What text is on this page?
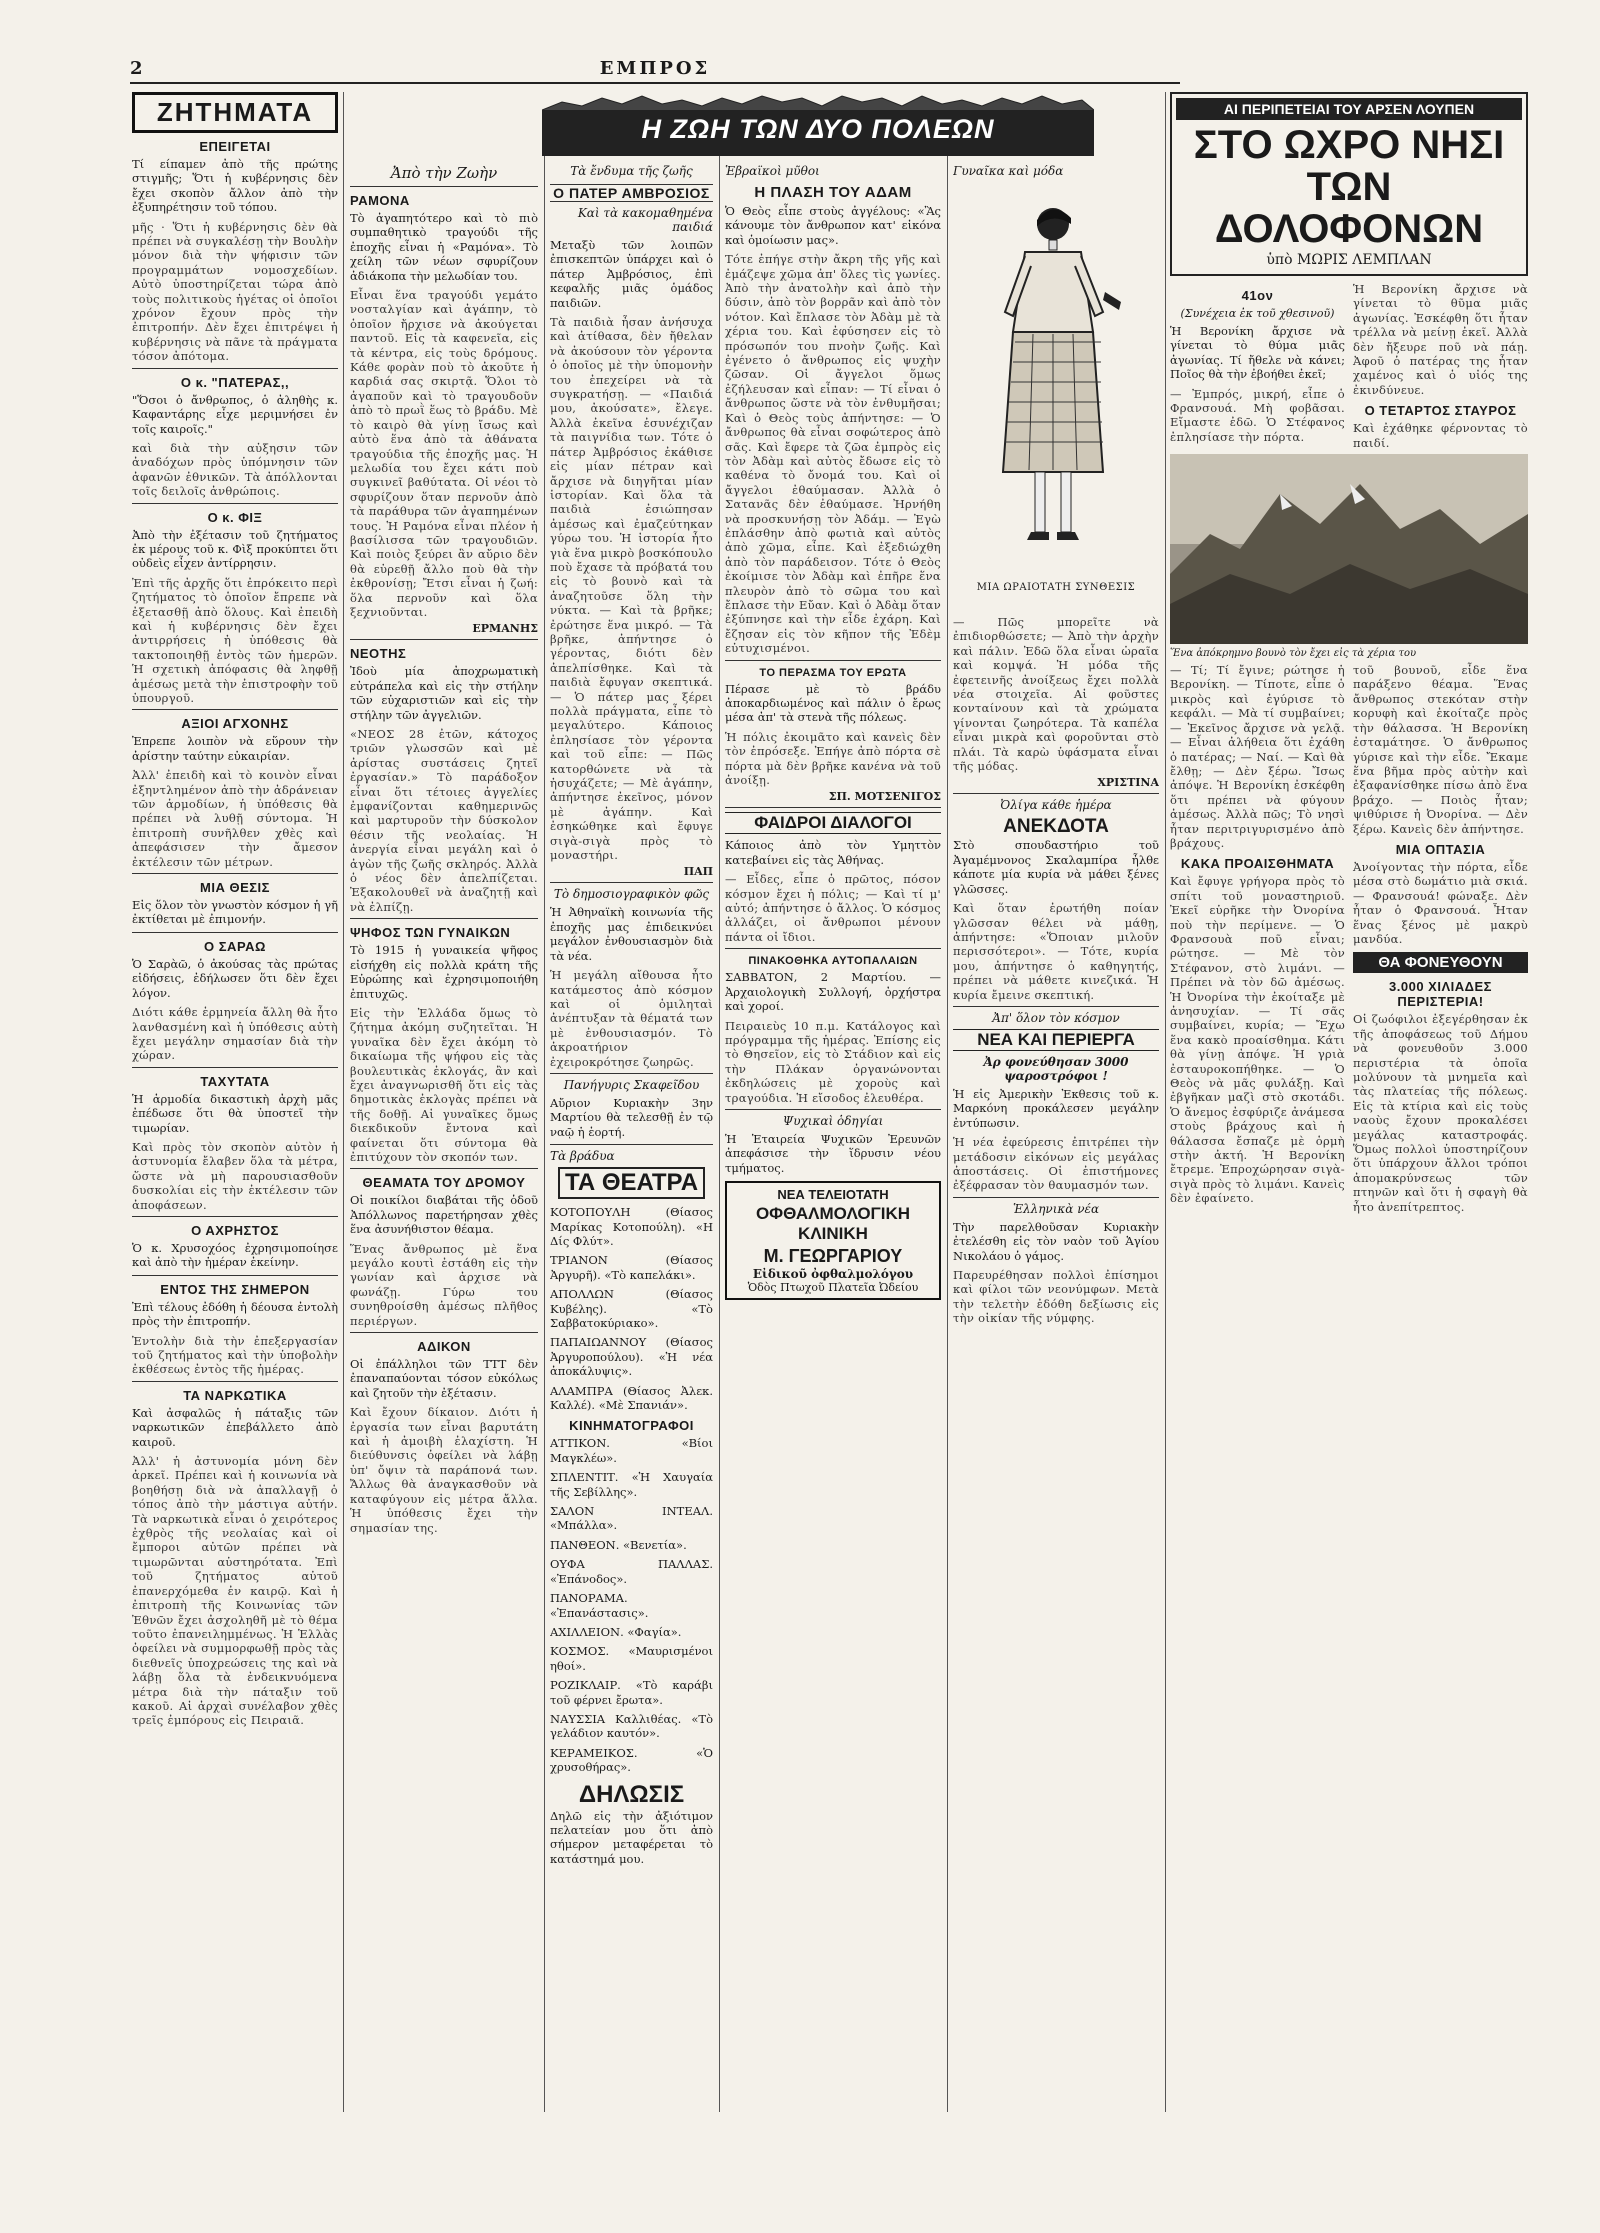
2	ΕΜΠΡΟΣ
Η ΖΩΗ ΤΩΝ ΔΥΟ ΠΟΛΕΩΝ
ΖΗΤΗΜΑΤΑ
ΕΠΕΙΓΕΤΑΙ

Τί είπαμεν ἀπὸ τῆς πρώτης στιγμῆς; Ὅτι ἡ κυβέρνησις δὲν ἔχει σκοπὸν ἄλλον ἀπὸ τὴν ἐξυπηρέτησιν τοῦ τόπου.

μῆς · Ὅτι ἡ κυβέρνησις δὲν θὰ πρέπει νὰ συγκαλέσῃ τὴν Βουλὴν μόνον διὰ τὴν ψήφισιν τῶν προγραμμάτων νομοσχεδίων. Αὐτὸ ὑποστηρίζεται τώρα ἀπὸ τοὺς πολιτικοὺς ἡγέτας οἱ ὁποῖοι χρόνον ἔχουν πρὸς τὴν ἐπιτροπήν. Δὲν ἔχει ἐπιτρέψει ἡ κυβέρνησις νὰ πᾶνε τὰ πράγματα τόσον ἀπότομα.
Ο κ. "ΠΑΤΕΡΑΣ,,

"Ὅσοι ὁ ἄνθρωπος, ὁ ἀληθὴς κ. Καφαντάρης εἶχε μεριμνήσει ἐν τοῖς καιροῖς."

καὶ διὰ τὴν αὐξησιν τῶν ἀναδόχων πρὸς ὑπόμνησιν τῶν ἀφανῶν ἐθνικῶν. Τὰ ἀπόλλονται τοῖς δειλοῖς ἀνθρώποις.
Ο κ. ΦΙΞ

Ἀπὸ τὴν ἐξέτασιν τοῦ ζητήματος ἐκ μέρους τοῦ κ. Φὶξ προκύπτει ὅτι οὐδεὶς εἶχεν ἀντίρρησιν.

Ἐπὶ τῆς ἀρχῆς ὅτι ἐπρόκειτο περὶ ζητήματος τὸ ὁποῖον ἔπρεπε νὰ ἐξετασθῇ ἀπὸ ὅλους. Καὶ ἐπειδὴ καὶ ἡ κυβέρνησις δὲν ἔχει ἀντιρρήσεις ἡ ὑπόθεσις θὰ τακτοποιηθῇ ἐντὸς τῶν ἡμερῶν. Ἡ σχετικὴ ἀπόφασις θὰ ληφθῇ ἀμέσως μετὰ τὴν ἐπιστροφὴν τοῦ ὑπουργοῦ.
ΑΞΙΟΙ ΑΓΧΟΝΗΣ

Ἐπρεπε λοιπὸν νὰ εὕρουν τὴν ἀρίστην ταύτην εὐκαιρίαν.

Ἀλλ' ἐπειδὴ καὶ τὸ κοινὸν εἶναι ἐξηντλημένον ἀπὸ τὴν ἀδράνειαν τῶν ἁρμοδίων, ἡ ὑπόθεσις θὰ πρέπει νὰ λυθῇ σύντομα. Ἡ ἐπιτροπὴ συνῆλθεν χθὲς καὶ ἀπεφάσισεν τὴν ἄμεσον ἐκτέλεσιν τῶν μέτρων.
ΜΙΑ ΘΕΣΙΣ

Εἰς ὅλον τὸν γνωστὸν κόσμον ἡ γῆ ἐκτίθεται μὲ ἐπιμονήν.

Ο ΣΑΡΑΩ

Ὁ Σαρὰῶ, ὁ ἀκούσας τὰς πρώτας εἰδήσεις, ἐδήλωσεν ὅτι δὲν ἔχει λόγον.

Διότι κάθε ἑρμηνεία ἄλλη θὰ ἦτο λανθασμένη καὶ ἡ ὑπόθεσις αὐτὴ ἔχει μεγάλην σημασίαν διὰ τὴν χώραν.
ΤΑΧΥΤΑΤΑ

Ἡ ἁρμοδία δικαστικὴ ἀρχὴ μᾶς ἐπέδωσε ὅτι θὰ ὑποστεῖ τὴν τιμωρίαν.

Καὶ πρὸς τὸν σκοπὸν αὐτὸν ἡ ἀστυνομία ἔλαβεν ὅλα τὰ μέτρα, ὥστε νὰ μὴ παρουσιασθοῦν δυσκολίαι εἰς τὴν ἐκτέλεσιν τῶν ἀποφάσεων.
Ο ΑΧΡΗΣΤΟΣ

Ὁ κ. Χρυσοχόος ἐχρησιμοποίησε καὶ ἀπὸ τὴν ἡμέραν ἐκείνην.

ΕΝΤΟΣ ΤΗΣ ΣΗΜΕΡΟΝ

Ἐπὶ τέλους ἐδόθη ἡ δέουσα ἐντολὴ πρὸς τὴν ἐπιτροπήν.

Ἐντολὴν διὰ τὴν ἐπεξεργασίαν τοῦ ζητήματος καὶ τὴν ὑποβολὴν ἐκθέσεως ἐντὸς τῆς ἡμέρας.
ΤΑ ΝΑΡΚΩΤΙΚΑ

Καὶ ἀσφαλῶς ἡ πάταξις τῶν ναρκωτικῶν ἐπεβάλλετο ἀπὸ καιροῦ.

Ἀλλ' ἡ ἀστυνομία μόνη δὲν ἀρκεῖ. Πρέπει καὶ ἡ κοινωνία νὰ βοηθήσῃ διὰ νὰ ἀπαλλαγῇ ὁ τόπος ἀπὸ τὴν μάστιγα αὐτήν. Τὰ ναρκωτικὰ εἶναι ὁ χειρότερος ἐχθρὸς τῆς νεολαίας καὶ οἱ ἔμποροι αὐτῶν πρέπει νὰ τιμωρῶνται αὐστηρότατα. Ἐπὶ τοῦ ζητήματος αὐτοῦ ἐπανερχόμεθα ἐν καιρῷ. Καὶ ἡ ἐπιτροπὴ τῆς Κοινωνίας τῶν Ἐθνῶν ἔχει ἀσχοληθῆ μὲ τὸ θέμα τοῦτο ἐπανειλημμένως. Ἡ Ἑλλὰς ὀφείλει νὰ συμμορφωθῇ πρὸς τὰς διεθνεῖς ὑποχρεώσεις της καὶ νὰ λάβῃ ὅλα τὰ ἐνδεικνυόμενα μέτρα διὰ τὴν πάταξιν τοῦ κακοῦ. Αἱ ἀρχαὶ συνέλαβον χθὲς τρεῖς ἐμπόρους εἰς Πειραιᾶ.
Ἀπὸ τὴν Ζωὴν
ΡΑΜΟΝΑ

Τὸ ἀγαπητότερο καὶ τὸ πιὸ συμπαθητικὸ τραγούδι τῆς ἐποχῆς εἶναι ἡ «Ραμόνα». Τὸ χείλη τῶν νέων σφυρίζουν ἀδιάκοπα τὴν μελωδίαν του.

Εἶναι ἕνα τραγούδι γεμάτο νοσταλγίαν καὶ ἀγάπην, τὸ ὁποῖον ἤρχισε νὰ ἀκούγεται παντοῦ. Εἰς τὰ καφενεῖα, εἰς τὰ κέντρα, εἰς τοὺς δρόμους. Κάθε φορὰν ποὺ τὸ ἀκοῦτε ἡ καρδιά σας σκιρτᾷ. Ὅλοι τὸ ἀγαποῦν καὶ τὸ τραγουδοῦν ἀπὸ τὸ πρωῒ ἕως τὸ βράδυ. Μὲ τὸ καιρὸ θὰ γίνῃ ἴσως καὶ αὐτὸ ἕνα ἀπὸ τὰ ἀθάνατα τραγούδια τῆς ἐποχῆς μας. Ἡ μελωδία του ἔχει κάτι ποὺ συγκινεῖ βαθύτατα. Οἱ νέοι τὸ σφυρίζουν ὅταν περνοῦν ἀπὸ τὰ παράθυρα τῶν ἀγαπημένων τους. Ἡ Ραμόνα εἶναι πλέον ἡ βασίλισσα τῶν τραγουδιῶν. Καὶ ποιὸς ξεύρει ἂν αὔριο δὲν θὰ εὑρεθῇ ἄλλο ποὺ θὰ τὴν ἐκθρονίσῃ; Ἔτσι εἶναι ἡ ζωή: ὅλα περνοῦν καὶ ὅλα ξεχνιοῦνται.
ΕΡΜΑΝΗΣ
ΝΕΟΤΗΣ

Ἰδοὺ μία ἀποχρωματικὴ εὐτράπελα καὶ εἰς τὴν στήλην τῶν εὐχαριστιῶν καὶ εἰς τὴν στήλην τῶν ἀγγελιῶν.

«ΝΕΟΣ 28 ἐτῶν, κάτοχος τριῶν γλωσσῶν καὶ μὲ ἀρίστας συστάσεις ζητεῖ ἐργασίαν.» Τὸ παράδοξον εἶναι ὅτι τέτοιες ἀγγελίες ἐμφανίζονται καθημερινῶς καὶ μαρτυροῦν τὴν δύσκολον θέσιν τῆς νεολαίας. Ἡ ἀνεργία εἶναι μεγάλη καὶ ὁ ἀγὼν τῆς ζωῆς σκληρός. Ἀλλὰ ὁ νέος δὲν ἀπελπίζεται. Ἐξακολουθεῖ νὰ ἀναζητῇ καὶ νὰ ἐλπίζῃ.
ΨΗΦΟΣ ΤΩΝ ΓΥΝΑΙΚΩΝ

Τὸ 1915 ἡ γυναικεία ψῆφος εἰσήχθη εἰς πολλὰ κράτη τῆς Εὐρώπης καὶ ἐχρησιμοποιήθη ἐπιτυχῶς.

Εἰς τὴν Ἑλλάδα ὅμως τὸ ζήτημα ἀκόμη συζητεῖται. Ἡ γυναῖκα δὲν ἔχει ἀκόμη τὸ δικαίωμα τῆς ψήφου εἰς τὰς βουλευτικὰς ἐκλογάς, ἂν καὶ ἔχει ἀναγνωρισθῆ ὅτι εἰς τὰς δημοτικὰς ἐκλογὰς πρέπει νὰ τῆς δοθῇ. Αἱ γυναῖκες ὅμως διεκδικοῦν ἔντονα καὶ φαίνεται ὅτι σύντομα θὰ ἐπιτύχουν τὸν σκοπόν των.
ΘΕΑΜΑΤΑ ΤΟΥ ΔΡΟΜΟΥ

Οἱ ποικίλοι διαβάται τῆς ὁδοῦ Ἀπόλλωνος παρετήρησαν χθὲς ἕνα ἀσυνήθιστον θέαμα.

Ἕνας ἄνθρωπος μὲ ἕνα μεγάλο κουτὶ ἐστάθη εἰς τὴν γωνίαν καὶ ἀρχισε νὰ φωνάζῃ. Γύρω του συνηθροίσθη ἀμέσως πλῆθος περιέργων.
ΑΔΙΚΟΝ

Οἱ ἐπάλληλοι τῶν ΤΤΤ δὲν ἐπαναπαύονται τόσον εὐκόλως καὶ ζητοῦν τὴν ἐξέτασιν.

Καὶ ἔχουν δίκαιον. Διότι ἡ ἐργασία των εἶναι βαρυτάτη καὶ ἡ ἀμοιβὴ ἐλαχίστη. Ἡ διεύθυνσις ὀφείλει νὰ λάβῃ ὑπ' ὄψιν τὰ παράπονά των. Ἄλλως θὰ ἀναγκασθοῦν νὰ καταφύγουν εἰς μέτρα ἄλλα. Ἡ ὑπόθεσις ἔχει τὴν σημασίαν της.
Τὰ ἔνδυμα τῆς ζωῆς
Ο ΠΑΤΕΡ ΑΜΒΡΟΣΙΟΣ
Καὶ τὰ κακομαθημένα παιδιά

Μεταξὺ τῶν λοιπῶν ἐπισκεπτῶν ὑπάρχει καὶ ὁ πάτερ Ἀμβρόσιος, ἐπὶ κεφαλῆς μιᾶς ὁμάδος παιδιῶν.

Τὰ παιδιὰ ἦσαν ἀνήσυχα καὶ ἀτίθασα, δὲν ἤθελαν νὰ ἀκούσουν τὸν γέροντα ὁ ὁποῖος μὲ τὴν ὑπομονὴν του ἐπεχείρει νὰ τὰ συγκρατήσῃ. — «Παιδιά μου, ἀκούσατε», ἔλεγε. Ἀλλὰ ἐκεῖνα ἐσυνέχιζαν τὰ παιγνίδια των. Τότε ὁ πάτερ Ἀμβρόσιος ἐκάθισε εἰς μίαν πέτραν καὶ ἄρχισε νὰ διηγῆται μίαν ἱστορίαν. Καὶ ὅλα τὰ παιδιὰ ἐσιώπησαν ἀμέσως καὶ ἐμαζεύτηκαν γύρω του. Ἡ ἱστορία ἦτο γιὰ ἕνα μικρὸ βοσκόπουλο ποὺ ἔχασε τὰ πρόβατά του εἰς τὸ βουνὸ καὶ τὰ ἀναζητοῦσε ὅλη τὴν νύκτα. — Καὶ τὰ βρῆκε; ἐρώτησε ἕνα μικρό. — Τὰ βρῆκε, ἀπήντησε ὁ γέροντας, διότι δὲν ἀπελπίσθηκε. Καὶ τὰ παιδιὰ ἔφυγαν σκεπτικά. — Ὁ πάτερ μας ξέρει πολλὰ πράγματα, εἶπε τὸ μεγαλύτερο. Κάποιος ἐπλησίασε τὸν γέροντα καὶ τοῦ εἶπε: — Πῶς κατορθώνετε νὰ τὰ ἡσυχάζετε; — Μὲ ἀγάπην, ἀπήντησε ἐκεῖνος, μόνον μὲ ἀγάπην. Καὶ ἐσηκώθηκε καὶ ἔφυγε σιγὰ-σιγὰ πρὸς τὸ μοναστήρι.
ΠΑΠ
Τὸ δημοσιογραφικὸν φῶς

Ἡ Ἀθηναϊκὴ κοινωνία τῆς ἐποχῆς μας ἐπιδεικνύει μεγάλον ἐνθουσιασμὸν διὰ τὰ νέα.

Ἡ μεγάλη αἴθουσα ἦτο κατάμεστος ἀπὸ κόσμον καὶ οἱ ὁμιληταὶ ἀνέπτυξαν τὰ θέματά των μὲ ἐνθουσιασμόν. Τὸ ἀκροατήριον ἐχειροκρότησε ζωηρῶς.
Πανήγυρις Σκαφεῖδου

Αὔριον Κυριακὴν 3ην Μαρτίου θὰ τελεσθῇ ἐν τῷ ναῷ ἡ ἑορτή.

Τὰ βράδυα
ΤΑ ΘΕΑΤΡΑ

ΚΟΤΟΠΟΥΛΗ (Θίασος Μαρίκας Κοτοπούλη). «Η Δίς Φλύτ».

ΤΡΙΑΝΟΝ (Θίασος Ἀργυρῆ). «Τὸ καπελάκι».

ΑΠΟΛΛΩΝ (Θίασος Κυβέλης). «Τὸ Σαββατοκύριακο».

ΠΑΠΑΙΩΑΝΝΟΥ (Θίασος Ἀργυροπούλου). «Ἡ νέα ἀποκάλυψις».

ΑΛΑΜΠΡΑ (Θίασος Ἀλεκ. Καλλέ). «Μὲ Σπανιάν».

ΚΙΝΗΜΑΤΟΓΡΑΦΟΙ

ΑΤΤΙΚΟΝ. «Βίοι Μαγκλέω».

ΣΠΛΕΝΤΙΤ. «Ἡ Χαυγαία τῆς Σεβίλλης».

ΣΑΛΟΝ ΙΝΤΕΑΛ. «Μπάλλα».

ΠΑΝΘΕΟΝ. «Βενετία».

ΟΥΦΑ ΠΑΛΛΑΣ. «Ἐπάνοδος».

ΠΑΝΟΡΑΜΑ. «Ἐπανάστασις».

ΑΧΙΛΛΕΙΟΝ. «Φαγία».

ΚΟΣΜΟΣ. «Μαυρισμένοι ηθοί».

ΡΟΖΙΚΛΑΙΡ. «Τὸ καράβι τοῦ φέρνει ἔρωτα».

ΝΑΥΣΣΙΑ Καλλιθέας. «Τὸ γελάδιον καυτόν».

ΚΕΡΑΜΕΙΚΟΣ. «Ὁ χρυσοθήρας».

ΔΗΛΩΣΙΣ

Δηλῶ εἰς τὴν ἀξιότιμον πελατείαν μου ὅτι ἀπὸ σήμερον μεταφέρεται τὸ κατάστημά μου.

Ἑβραϊκοὶ μῦθοι
Η ΠΛΑΣΗ ΤΟΥ ΑΔΑΜ

Ὁ Θεὸς εἶπε στοὺς ἀγγέλους: «Ἂς κάνουμε τὸν ἄνθρωπον κατ' εἰκόνα καὶ ὁμοίωσιν μας».

Τότε ἐπήγε στὴν ἄκρη τῆς γῆς καὶ ἐμάζεψε χῶμα ἀπ' ὅλες τὶς γωνίες. Ἀπὸ τὴν ἀνατολὴν καὶ ἀπὸ τὴν δύσιν, ἀπὸ τὸν βορρᾶν καὶ ἀπὸ τὸν νότον. Καὶ ἔπλασε τὸν Ἀδὰμ μὲ τὰ χέρια του. Καὶ ἐφύσησεν εἰς τὸ πρόσωπόν του πνοὴν ζωῆς. Καὶ ἐγένετο ὁ ἄνθρωπος εἰς ψυχὴν ζῶσαν. Οἱ ἄγγελοι ὅμως ἐζήλευσαν καὶ εἶπαν: — Τί εἶναι ὁ ἄνθρωπος ὥστε νὰ τὸν ἐνθυμῆσαι; Καὶ ὁ Θεὸς τοὺς ἀπήντησε: — Ὁ ἄνθρωπος θὰ εἶναι σοφώτερος ἀπὸ σᾶς. Καὶ ἔφερε τὰ ζῶα ἐμπρὸς εἰς τὸν Ἀδὰμ καὶ αὐτὸς ἔδωσε εἰς τὸ καθένα τὸ ὄνομά του. Καὶ οἱ ἄγγελοι ἐθαύμασαν. Ἀλλὰ ὁ Σατανᾶς δὲν ἐθαύμασε. Ἠρνήθη νὰ προσκυνήσῃ τὸν Ἀδάμ. — Ἐγὼ ἐπλάσθην ἀπὸ φωτιὰ καὶ αὐτὸς ἀπὸ χῶμα, εἶπε. Καὶ ἐξεδιώχθη ἀπὸ τὸν παράδεισον. Τότε ὁ Θεὸς ἐκοίμισε τὸν Ἀδὰμ καὶ ἐπῆρε ἕνα πλευρὸν ἀπὸ τὸ σῶμα του καὶ ἔπλασε τὴν Εὔαν. Καὶ ὁ Ἀδὰμ ὅταν ἐξύπνησε καὶ τὴν εἶδε ἐχάρη. Καὶ ἔζησαν εἰς τὸν κῆπον τῆς Ἐδὲμ εὐτυχισμένοι.
ΤΟ ΠΕΡΑΣΜΑ ΤΟΥ ΕΡΩΤΑ

Πέρασε μὲ τὸ βράδυ ἀποκαρδιωμένος καὶ πάλιν ὁ ἔρως μέσα ἀπ' τὰ στενὰ τῆς πόλεως.

Ἡ πόλις ἐκοιμᾶτο καὶ κανεὶς δὲν τὸν ἐπρόσεξε. Ἐπήγε ἀπὸ πόρτα σὲ πόρτα μὰ δὲν βρῆκε κανένα νὰ τοῦ ἀνοίξῃ.
ΣΠ. ΜΟΤΣΕΝΙΓΟΣ
ΦΑΙΔΡΟΙ ΔΙΑΛΟΓΟΙ

Κάποιος ἀπὸ τὸν Υμηττὸν κατεβαίνει εἰς τὰς Ἀθήνας.

— Εἶδες, εἶπε ὁ πρῶτος, πόσον κόσμον ἔχει ἡ πόλις; — Καὶ τί μ' αὐτό; ἀπήντησε ὁ ἄλλος. Ὁ κόσμος ἀλλάζει, οἱ ἄνθρωποι μένουν πάντα οἱ ἴδιοι.
ΠΙΝΑΚΟΘΗΚΑ ΑΥΤΟΠΑΛΑΙΩΝ

ΣΑΒΒΑΤΟΝ, 2 Μαρτίου. — Ἀρχαιολογικὴ Συλλογή, ὀρχήστρα καὶ χοροί.

Πειραιεὺς 10 π.μ. Κατάλογος καὶ πρόγραμμα τῆς ἡμέρας. Ἐπίσης εἰς τὸ Θησεῖον, εἰς τὸ Στάδιον καὶ εἰς τὴν Πλάκαν ὀργανώνονται ἐκδηλώσεις μὲ χοροὺς καὶ τραγούδια. Ἡ εἴσοδος ἐλευθέρα.
Ψυχικαὶ ὁδηγίαι

Ἡ Ἑταιρεία Ψυχικῶν Ἐρευνῶν ἀπεφάσισε τὴν ἵδρυσιν νέου τμήματος.

ΝΕΑ ΤΕΛΕΙΟΤΑΤΗ
ΟΦΘΑΛΜΟΛΟΓΙΚΗ ΚΛΙΝΙΚΗ
Μ. ΓΕΩΡΓΑΡΙΟΥ
Εἰδικοῦ ὀφθαλμολόγου
Ὁδὸς Πτωχοῦ Πλατεῖα Ὠδείου
Γυναῖκα καὶ μόδα
ΜΙΑ ΩΡΑΙΟΤΑΤΗ ΣΥΝΘΕΣΙΣ
— Πῶς μπορεῖτε νὰ ἐπιδιορθώσετε; — Ἀπὸ τὴν ἀρχὴν καὶ πάλιν. Ἐδῶ ὅλα εἶναι ὡραῖα καὶ κομψά. Ἡ μόδα τῆς ἐφετεινῆς ἀνοίξεως ἔχει πολλὰ νέα στοιχεῖα. Αἱ φοῦστες κονταίνουν καὶ τὰ χρώματα γίνονται ζωηρότερα. Τὰ καπέλα εἶναι μικρὰ καὶ φοροῦνται στὸ πλάι. Τὰ καρὼ ὑφάσματα εἶναι τῆς μόδας.
ΧΡΙΣΤΙΝΑ
Ὀλίγα κάθε ἡμέρα
ΑΝΕΚΔΟΤΑ

Στὸ σπουδαστήριο τοῦ Ἀγαμέμνονος Σκαλαμπίρα ἦλθε κάποτε μία κυρία νὰ μάθει ξένες γλῶσσες.

Καὶ ὅταν ἐρωτήθη ποίαν γλῶσσαν θέλει νὰ μάθῃ, ἀπήντησε: «Ὅποιαν μιλοῦν περισσότεροι». — Τότε, κυρία μου, ἀπήντησε ὁ καθηγητής, πρέπει νὰ μάθετε κινεζικά. Ἡ κυρία ἔμεινε σκεπτική.
Ἀπ' ὅλον τὸν κόσμον
ΝΕΑ ΚΑΙ ΠΕΡΙΕΡΓΑ
Ἀρ φονεύθησαν 3000 ψαροστρόφοι !

Ἡ εἰς Ἀμερικὴν Ἐκθεσις τοῦ κ. Μαρκόνη προκάλεσεν μεγάλην ἐντύπωσιν.

Ἡ νέα ἐφεύρεσις ἐπιτρέπει τὴν μετάδοσιν εἰκόνων εἰς μεγάλας ἀποστάσεις. Οἱ ἐπιστήμονες ἐξέφρασαν τὸν θαυμασμόν των.
Ἑλληνικὰ νέα

Τὴν παρελθοῦσαν Κυριακὴν ἐτελέσθη εἰς τὸν ναὸν τοῦ Ἁγίου Νικολάου ὁ γάμος.

Παρευρέθησαν πολλοὶ ἐπίσημοι καὶ φίλοι τῶν νεονύμφων. Μετὰ τὴν τελετὴν ἐδόθη δεξίωσις εἰς τὴν οἰκίαν τῆς νύμφης.
ΑΙ ΠΕΡΙΠΕΤΕΙΑΙ ΤΟΥ ΑΡΣΕΝ ΛΟΥΠΕΝ
ΣΤΟ ΩΧΡΟ ΝΗΣΙ
ΤΩΝ ΔΟΛΟΦΟΝΩΝ
ὑπὸ ΜΩΡΙΣ ΛΕΜΠΛΑΝ
41ον
(Συνέχεια ἐκ τοῦ χθεσινοῦ)

Ἡ Βερονίκη ἄρχισε νὰ γίνεται τὸ θύμα μιᾶς ἀγωνίας. Τί ἤθελε νὰ κάνει; Ποῖος θὰ τὴν ἐβοήθει ἐκεῖ;

— Ἐμπρός, μικρή, εἶπε ὁ Φρανσουά. Μὴ φοβᾶσαι. Εἴμαστε ἐδῶ. Ὁ Στέφανος ἐπλησίασε τὴν πόρτα.
Ἡ Βερονίκη ἄρχισε νὰ γίνεται τὸ θῦμα μιᾶς ἀγωνίας. Ἐσκέφθη ὅτι ἦταν τρέλλα νὰ μείνῃ ἐκεῖ. Ἀλλὰ δὲν ἤξευρε ποῦ νὰ πάῃ. Ἀφοῦ ὁ πατέρας της ἦταν χαμένος καὶ ὁ υἱός της ἐκινδύνευε.
Ο ΤΕΤΑΡΤΟΣ ΣΤΑΥΡΟΣ
Καὶ ἐχάθηκε φέρνοντας τὸ παιδί.
Ἕνα ἀπόκρημνο βουνὸ τὸν ἔχει εἰς τὰ χέρια του
— Τί; Τί ἔγινε; ρώτησε ἡ Βερονίκη. — Τίποτε, εἶπε ὁ μικρὸς καὶ ἐγύρισε τὸ κεφάλι. — Μὰ τί συμβαίνει; — Ἐκεῖνος ἄρχισε νὰ γελᾷ. — Εἶναι ἀλήθεια ὅτι ἐχάθη ὁ πατέρας; — Ναί. — Καὶ θὰ ἔλθῃ; — Δὲν ξέρω. Ἴσως ἀπόψε. Ἡ Βερονίκη ἐσκέφθη ὅτι πρέπει νὰ φύγουν ἀμέσως. Ἀλλὰ πῶς; Τὸ νησὶ ἦταν περιτριγυρισμένο ἀπὸ βράχους.
ΚΑΚΑ ΠΡΟΑΙΣΘΗΜΑΤΑ
Καὶ ἔφυγε γρήγορα πρὸς τὸ σπίτι τοῦ μοναστηριοῦ. Ἐκεῖ εὑρῆκε τὴν Ὀνορίνα ποὺ τὴν περίμενε. — Ὁ Φρανσουὰ ποῦ εἶναι; ρώτησε. — Μὲ τὸν Στέφανον, στὸ λιμάνι. — Πρέπει νὰ τὸν δῶ ἀμέσως. Ἡ Ὀνορίνα τὴν ἐκοίταξε μὲ ἀνησυχίαν. — Τί σᾶς συμβαίνει, κυρία; — Ἔχω ἕνα κακὸ προαίσθημα. Κάτι θὰ γίνῃ ἀπόψε. Ἡ γριὰ ἐσταυροκοπήθηκε. — Ὁ Θεὸς νὰ μᾶς φυλάξῃ. Καὶ ἐβγῆκαν μαζὶ στὸ σκοτάδι. Ὁ ἄνεμος ἐσφύριζε ἀνάμεσα στοὺς βράχους καὶ ἡ θάλασσα ἔσπαζε μὲ ὁρμὴ στὴν ἀκτή. Ἡ Βερονίκη ἔτρεμε. Ἐπροχώρησαν σιγὰ-σιγὰ πρὸς τὸ λιμάνι. Κανεὶς δὲν ἐφαίνετο.
τοῦ βουνοῦ, εἶδε ἕνα παράξενο θέαμα. Ἕνας ἄνθρωπος στεκόταν στὴν κορυφὴ καὶ ἐκοίταζε πρὸς τὴν θάλασσα. Ἡ Βερονίκη ἐσταμάτησε. Ὁ ἄνθρωπος γύρισε καὶ τὴν εἶδε. Ἔκαμε ἕνα βῆμα πρὸς αὐτὴν καὶ ἐξαφανίσθηκε πίσω ἀπὸ ἕνα βράχο. — Ποιὸς ἦταν; ψιθύρισε ἡ Ὀνορίνα. — Δὲν ξέρω. Κανεὶς δὲν ἀπήντησε.
ΜΙΑ ΟΠΤΑΣΙΑ
Ἀνοίγοντας τὴν πόρτα, εἶδε μέσα στὸ δωμάτιο μιὰ σκιά. — Φρανσουά! φώναξε. Δὲν ἦταν ὁ Φρανσουά. Ἦταν ἕνας ξένος μὲ μακρὺ μανδύα.
ΘΑ ΦΟΝΕΥΘΟΥΝ
3.000 ΧΙΛΙΑΔΕΣ ΠΕΡΙΣΤΕΡΙΑ!
Οἱ ζωόφιλοι ἐξεγέρθησαν ἐκ τῆς ἀποφάσεως τοῦ Δήμου νὰ φονευθοῦν 3.000 περιστέρια τὰ ὁποῖα μολύνουν τὰ μνημεῖα καὶ τὰς πλατείας τῆς πόλεως. Εἰς τὰ κτίρια καὶ εἰς τοὺς ναοὺς ἔχουν προκαλέσει μεγάλας καταστροφάς. Ὅμως πολλοὶ ὑποστηρίζουν ὅτι ὑπάρχουν ἄλλοι τρόποι ἀπομακρύνσεως τῶν πτηνῶν καὶ ὅτι ἡ σφαγὴ θὰ ἦτο ἀνεπίτρεπτος.
